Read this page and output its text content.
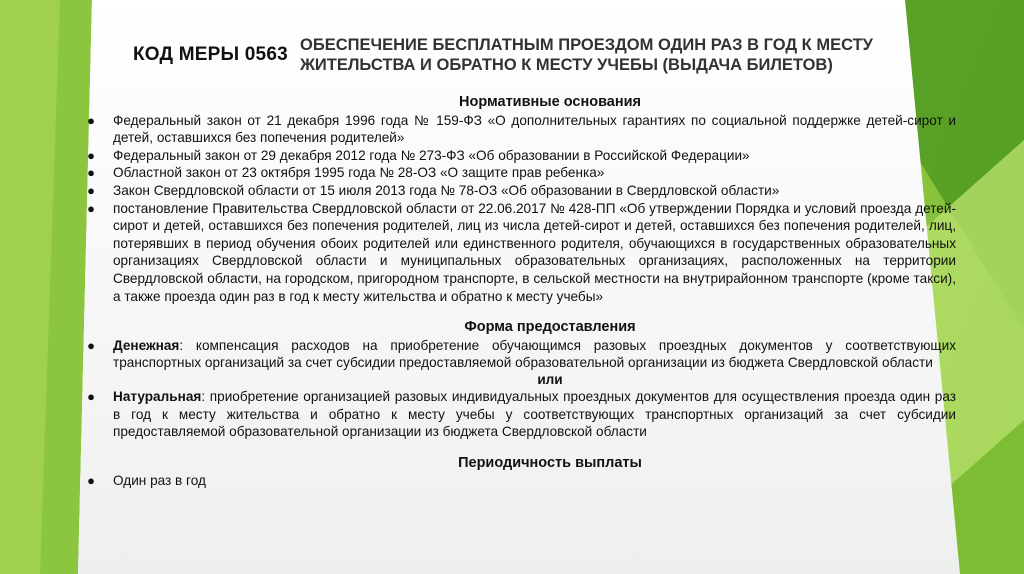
КОД МЕРЫ 0563 ОБЕСПЕЧЕНИЕ БЕСПЛАТНЫМ ПРОЕЗДОМ ОДИН РАЗ В ГОД К МЕСТУ ЖИТЕЛЬСТВА И ОБРАТНО К МЕСТУ УЧЕБЫ (ВЫДАЧА БИЛЕТОВ)
Нормативные основания
● Федеральный закон от 21 декабря 1996 года № 159-ФЗ «О дополнительных гарантиях по социальной поддержке детей-сирот и детей, оставшихся без попечения родителей»
● Федеральный закон от 29 декабря 2012 года № 273-ФЗ «Об образовании в Российской Федерации»
● Областной закон от 23 октября 1995 года № 28-ОЗ «О защите прав ребенка»
● Закон Свердловской области от 15 июля 2013 года № 78-ОЗ «Об образовании в Свердловской области»
● постановление Правительства Свердловской области от 22.06.2017 № 428-ПП «Об утверждении Порядка и условий проезда детей-сирот и детей, оставшихся без попечения родителей, лиц из числа детей-сирот и детей, оставшихся без попечения родителей, лиц, потерявших в период обучения обоих родителей или единственного родителя, обучающихся в государственных образовательных организациях Свердловской области и муниципальных образовательных организациях, расположенных на территории Свердловской области, на городском, пригородном транспорте, в сельской местности на внутрирайонном транспорте (кроме такси), а также проезда один раз в год к месту жительства и обратно к месту учебы»
Форма предоставления
● Денежная: компенсация расходов на приобретение обучающимся разовых проездных документов у соответствующих транспортных организаций за счет субсидии предоставляемой образовательной организации из бюджета Свердловской области
или
● Натуральная: приобретение организацией разовых индивидуальных проездных документов для осуществления проезда один раз в год к месту жительства и обратно к месту учебы у соответствующих транспортных организаций за счет субсидии предоставляемой образовательной организации из бюджета Свердловской области
Периодичность выплаты
● Один раз в год
